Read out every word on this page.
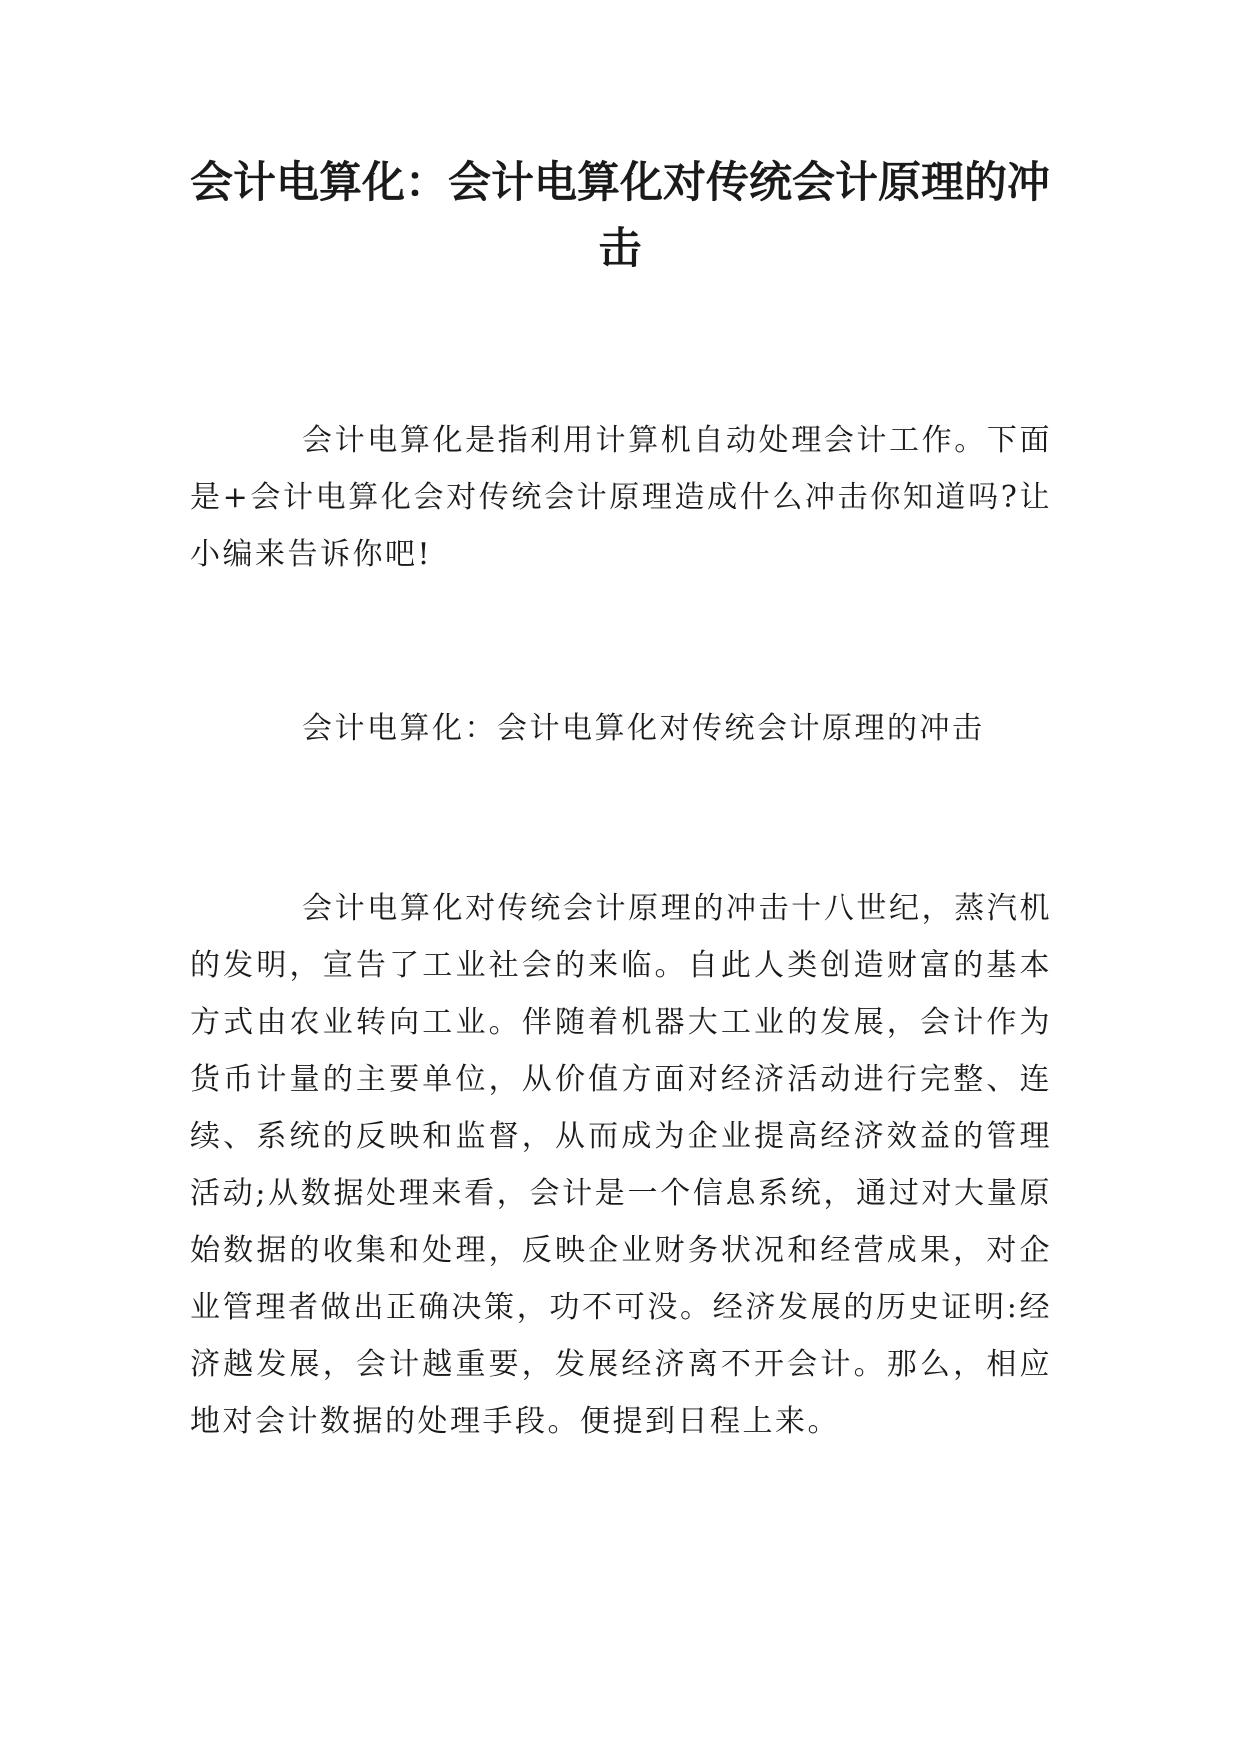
会计电算化：会计电算化对传统会计原理的冲击

会计电算化是指利用计算机自动处理会计工作。下面是+会计电算化会对传统会计原理造成什么冲击你知道吗?让小编来告诉你吧!

会计电算化：会计电算化对传统会计原理的冲击

会计电算化对传统会计原理的冲击十八世纪，蒸汽机的发明，宣告了工业社会的来临。自此人类创造财富的基本方式由农业转向工业。伴随着机器大工业的发展，会计作为货币计量的主要单位，从价值方面对经济活动进行完整、连续、系统的反映和监督，从而成为企业提高经济效益的管理活动;从数据处理来看，会计是一个信息系统，通过对大量原始数据的收集和处理，反映企业财务状况和经营成果，对企业管理者做出正确决策，功不可没。经济发展的历史证明:经济越发展，会计越重要，发展经济离不开会计。那么，相应地对会计数据的处理手段。便提到日程上来。
